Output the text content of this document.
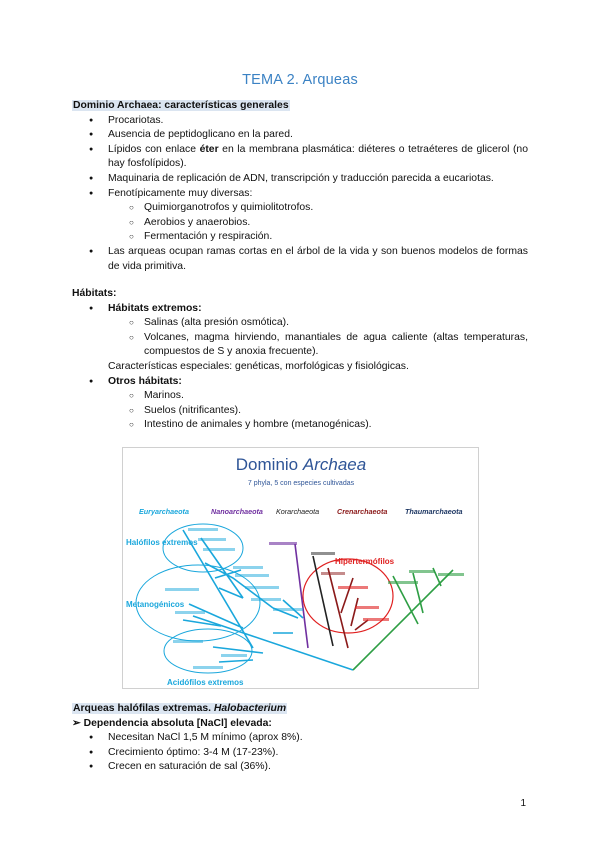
TEMA 2. Arqueas
Dominio Archaea: características generales
● Procariotas.
● Ausencia de peptidoglicano en la pared.
● Lípidos con enlace éter en la membrana plasmática: diéteres o tetraéteres de glicerol (no hay fosfolípidos).
● Maquinaria de replicación de ADN, transcripción y traducción parecida a eucariotas.
● Fenotípicamente muy diversas:
○ Quimiorganotrofos y quimiolitotrofos.
○ Aerobios y anaerobios.
○ Fermentación y respiración.
● Las arqueas ocupan ramas cortas en el árbol de la vida y son buenos modelos de formas de vida primitiva.
Hábitats:
● Hábitats extremos:
○ Salinas (alta presión osmótica).
○ Volcanes, magma hirviendo, manantiales de agua caliente (altas temperaturas, compuestos de S y anoxia frecuente).
Características especiales: genéticas, morfológicas y fisiológicas.
● Otros hábitats:
○ Marinos.
○ Suelos (nitrificantes).
○ Intestino de animales y hombre (metanogénicas).
Dominio Archaea
7 phyla, 5 con especies cultivadas
Euryarchaeota	Nanoarchaeota Korarchaeota Crenarchaeota Thaumarchaeota
Halófilos extremos
Metanogénicos
Hipertermófilos
Acidófilos extremos
Arqueas halófilas extremas. Halobacterium
➢ Dependencia absoluta [NaCl] elevada:
● Necesitan NaCl 1,5 M mínimo (aprox 8%).
● Crecimiento óptimo: 3-4 M (17-23%).
● Crecen en saturación de sal (36%).
1
